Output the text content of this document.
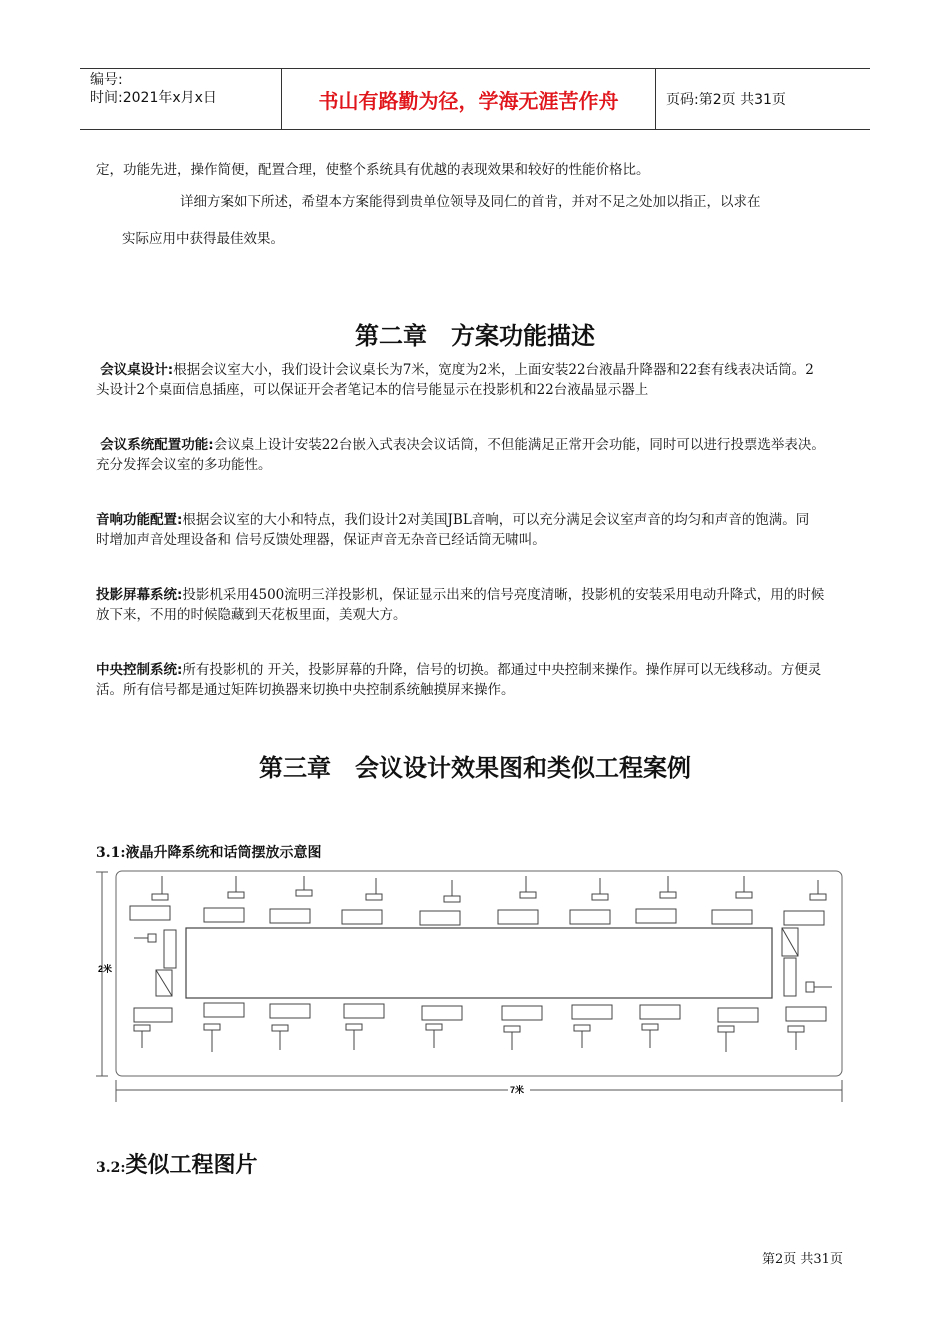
编号:
时间:2021年x月x日	书山有路勤为径，学海无涯苦作舟	页码:第2页 共31页
定，功能先进，操作简便，配置合理，使整个系统具有优越的表现效果和较好的性能价格比。
详细方案如下所述，希望本方案能得到贵单位领导及同仁的首肯，并对不足之处加以指正，以求在
实际应用中获得最佳效果。
第二章　方案功能描述
会议桌设计:根据会议室大小，我们设计会议桌长为7米，宽度为2米，上面安装22台液晶升降器和22套有线表决话筒。2
头设计2个桌面信息插座，可以保证开会者笔记本的信号能显示在投影机和22台液晶显示器上
会议系统配置功能:会议桌上设计安装22台嵌入式表决会议话筒，不但能满足正常开会功能，同时可以进行投票选举表决。
充分发挥会议室的多功能性。
音响功能配置:根据会议室的大小和特点，我们设计2对美国JBL音响，可以充分满足会议室声音的均匀和声音的饱满。同
时增加声音处理设备和 信号反馈处理器，保证声音无杂音已经话筒无啸叫。
投影屏幕系统:投影机采用4500流明三洋投影机，保证显示出来的信号亮度清晰，投影机的安装采用电动升降式，用的时候
放下来，不用的时候隐藏到天花板里面，美观大方。
中央控制系统:所有投影机的 开关，投影屏幕的升降，信号的切换。都通过中央控制来操作。操作屏可以无线移动。方便灵
活。所有信号都是通过矩阵切换器来切换中央控制系统触摸屏来操作。
第三章　会议设计效果图和类似工程案例
3.1:液晶升降系统和话筒摆放示意图
2米
7米
3.2:类似工程图片
第2页 共31页
